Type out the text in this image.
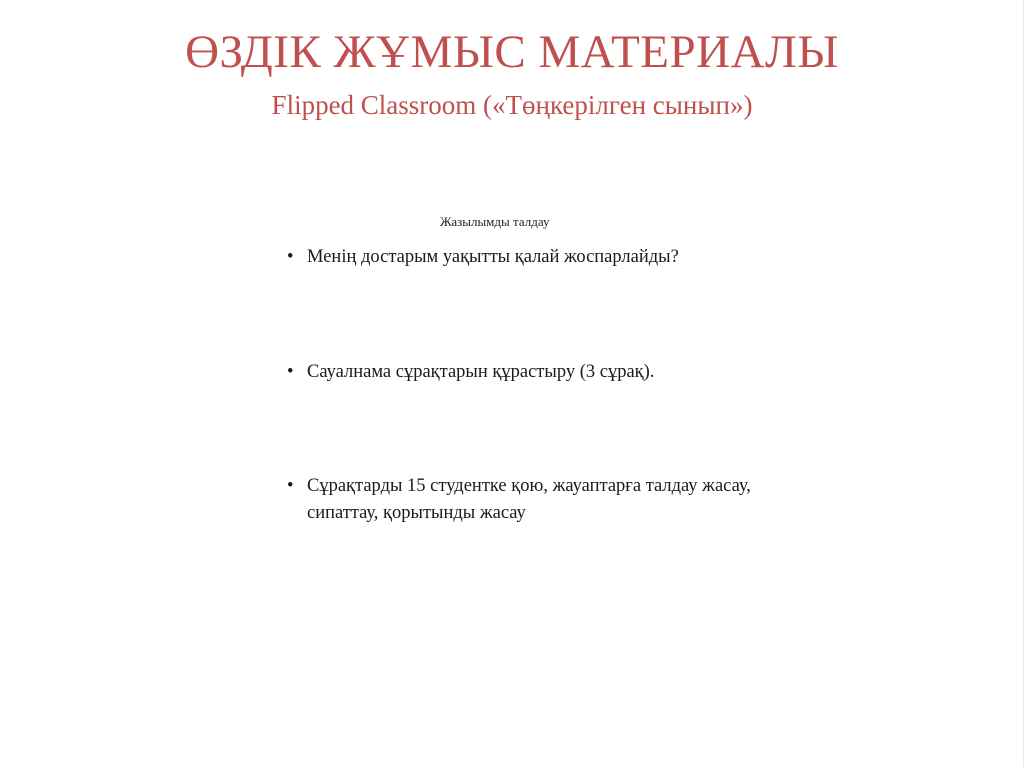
ӨЗДІК ЖҰМЫС МАТЕРИАЛЫ
Flipped Classroom («Төңкерілген сынып»)
Жазылымды талдау
• Менің достарым уақытты қалай жоспарлайды?
• Сауалнама сұрақтарын құрастыру (3 сұрақ).
• Сұрақтарды 15 студентке қою, жауаптарға талдау жасау, сипаттау, қорытынды жасау
